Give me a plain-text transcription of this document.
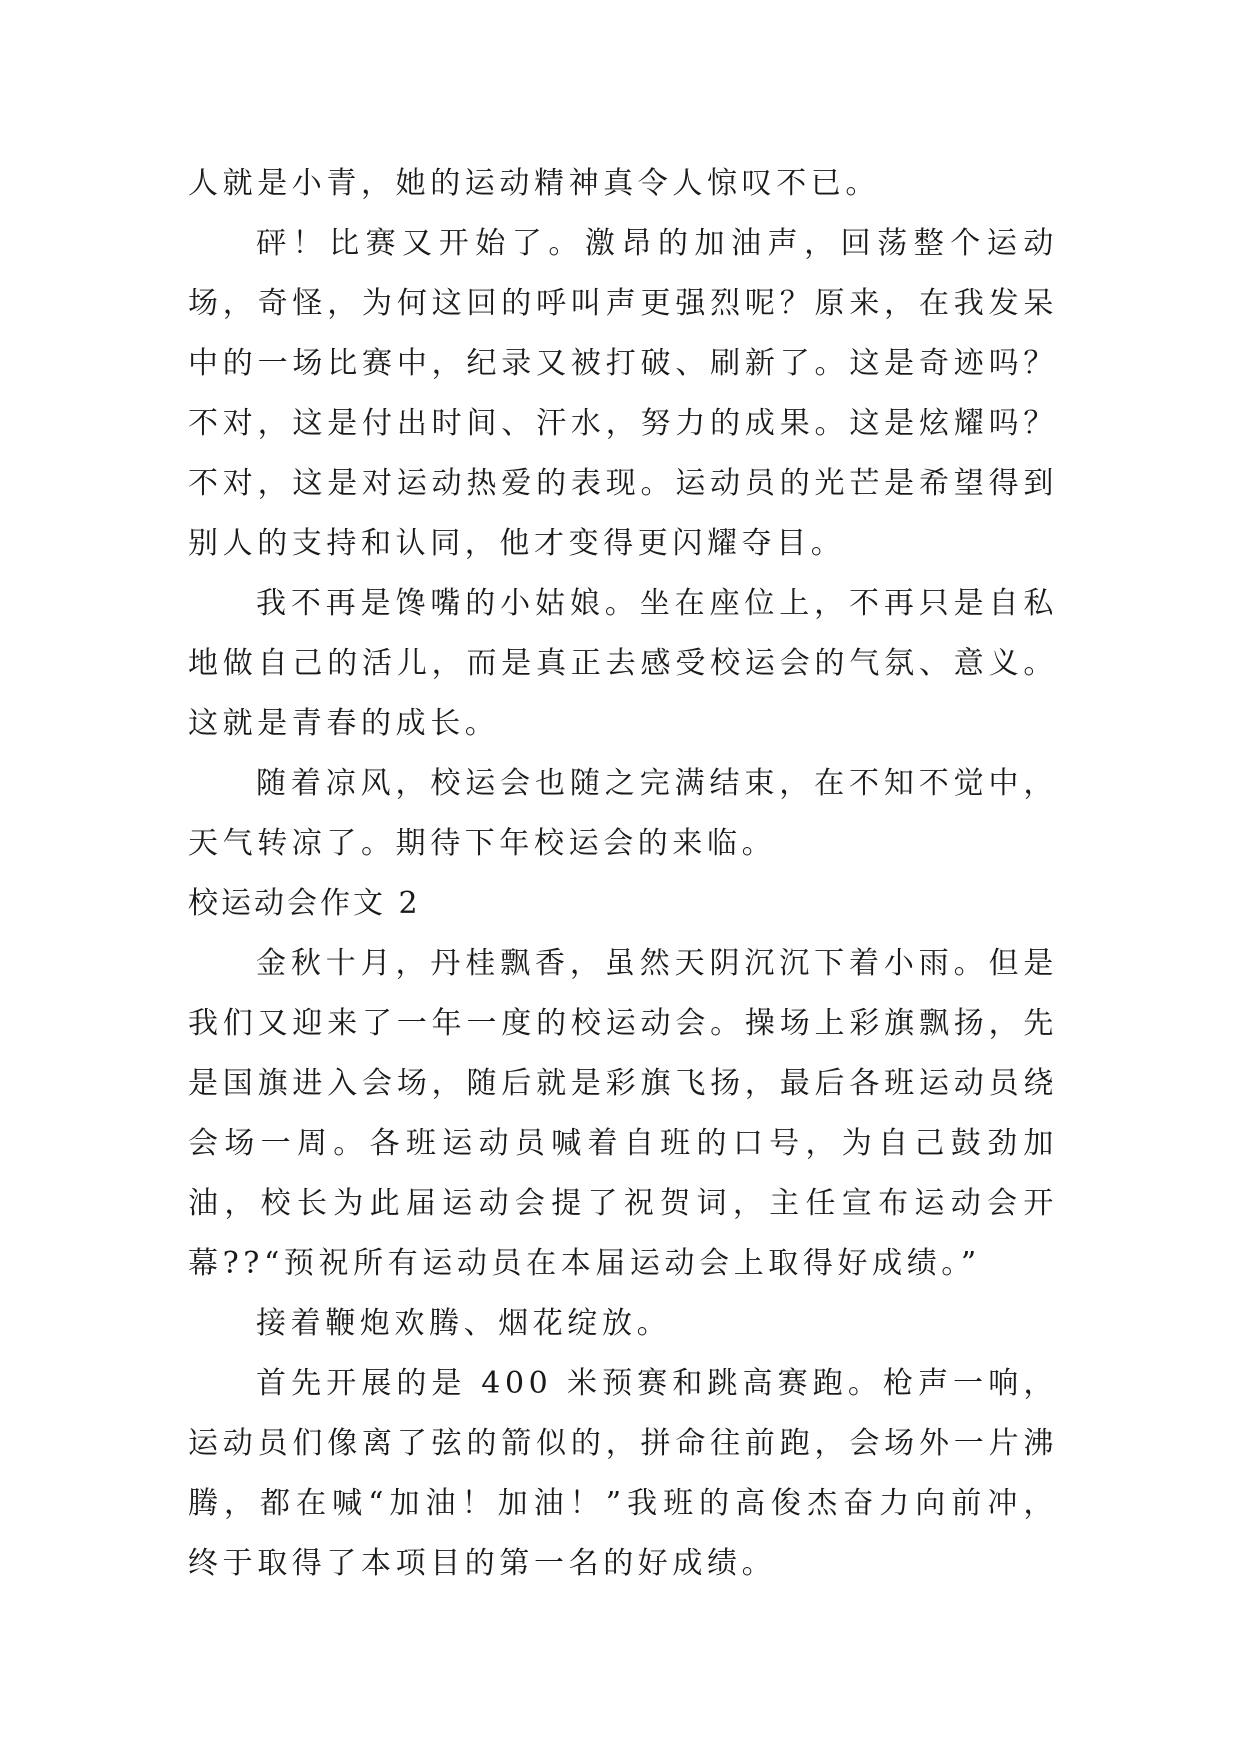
人就是小青，她的运动精神真令人惊叹不已。

砰！比赛又开始了。激昂的加油声，回荡整个运动场，奇怪，为何这回的呼叫声更强烈呢？原来，在我发呆中的一场比赛中，纪录又被打破、刷新了。这是奇迹吗？不对，这是付出时间、汗水，努力的成果。这是炫耀吗？不对，这是对运动热爱的表现。运动员的光芒是希望得到别人的支持和认同，他才变得更闪耀夺目。

我不再是馋嘴的小姑娘。坐在座位上，不再只是自私地做自己的活儿，而是真正去感受校运会的气氛、意义。这就是青春的成长。

随着凉风，校运会也随之完满结束，在不知不觉中，天气转凉了。期待下年校运会的来临。

校运动会作文 2

金秋十月，丹桂飘香，虽然天阴沉沉下着小雨。但是我们又迎来了一年一度的校运动会。操场上彩旗飘扬，先是国旗进入会场，随后就是彩旗飞扬，最后各班运动员绕会场一周。各班运动员喊着自班的口号，为自己鼓劲加油，校长为此届运动会提了祝贺词，主任宣布运动会开幕??“预祝所有运动员在本届运动会上取得好成绩。”

接着鞭炮欢腾、烟花绽放。

首先开展的是 400 米预赛和跳高赛跑。枪声一响，运动员们像离了弦的箭似的，拼命往前跑，会场外一片沸腾，都在喊“加油！加油！”我班的高俊杰奋力向前冲，终于取得了本项目的第一名的好成绩。
